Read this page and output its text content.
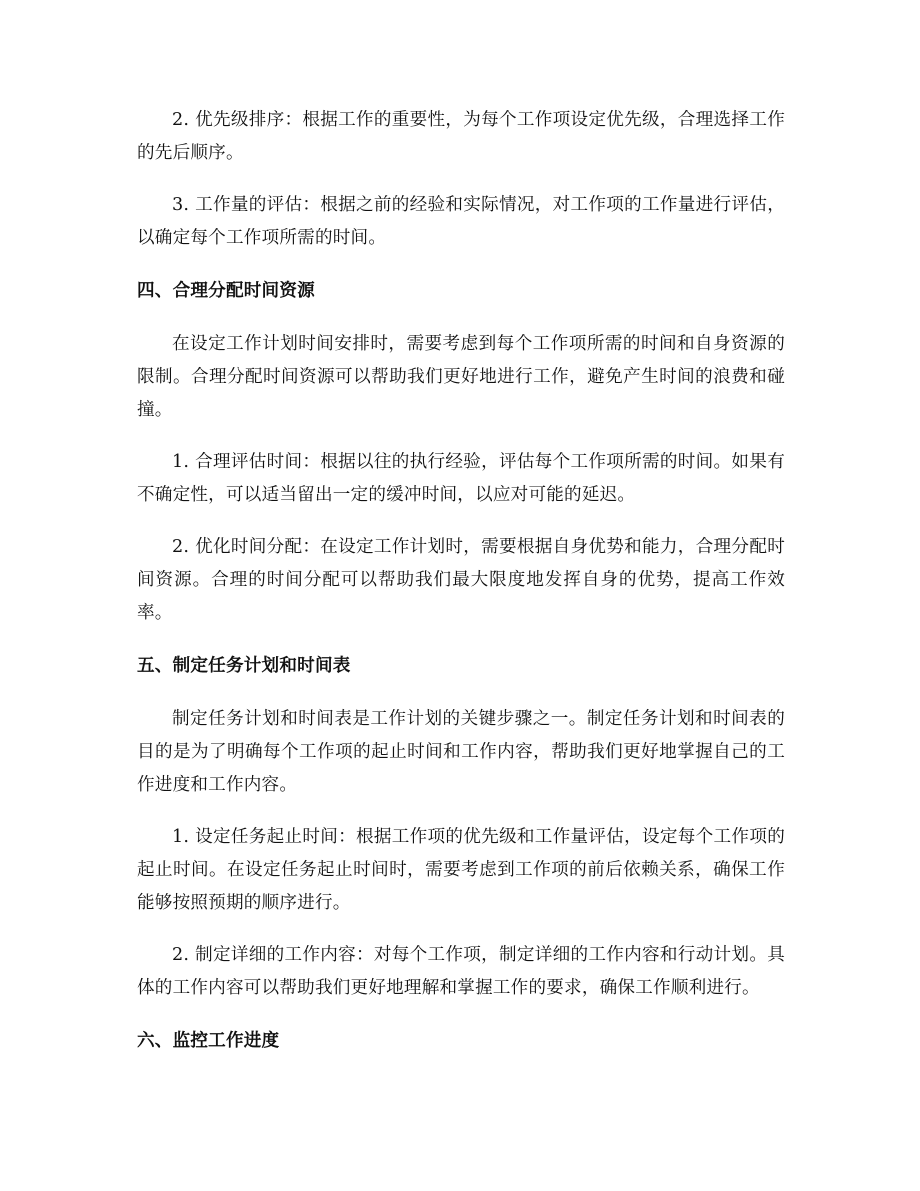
2. 优先级排序：根据工作的重要性，为每个工作项设定优先级，合理选择工作的先后顺序。

3. 工作量的评估：根据之前的经验和实际情况，对工作项的工作量进行评估，以确定每个工作项所需的时间。

四、合理分配时间资源

在设定工作计划时间安排时，需要考虑到每个工作项所需的时间和自身资源的限制。合理分配时间资源可以帮助我们更好地进行工作，避免产生时间的浪费和碰撞。

1. 合理评估时间：根据以往的执行经验，评估每个工作项所需的时间。如果有不确定性，可以适当留出一定的缓冲时间，以应对可能的延迟。

2. 优化时间分配：在设定工作计划时，需要根据自身优势和能力，合理分配时间资源。合理的时间分配可以帮助我们最大限度地发挥自身的优势，提高工作效率。

五、制定任务计划和时间表

制定任务计划和时间表是工作计划的关键步骤之一。制定任务计划和时间表的目的是为了明确每个工作项的起止时间和工作内容，帮助我们更好地掌握自己的工作进度和工作内容。

1. 设定任务起止时间：根据工作项的优先级和工作量评估，设定每个工作项的起止时间。在设定任务起止时间时，需要考虑到工作项的前后依赖关系，确保工作能够按照预期的顺序进行。

2. 制定详细的工作内容：对每个工作项，制定详细的工作内容和行动计划。具体的工作内容可以帮助我们更好地理解和掌握工作的要求，确保工作顺利进行。

六、监控工作进度
